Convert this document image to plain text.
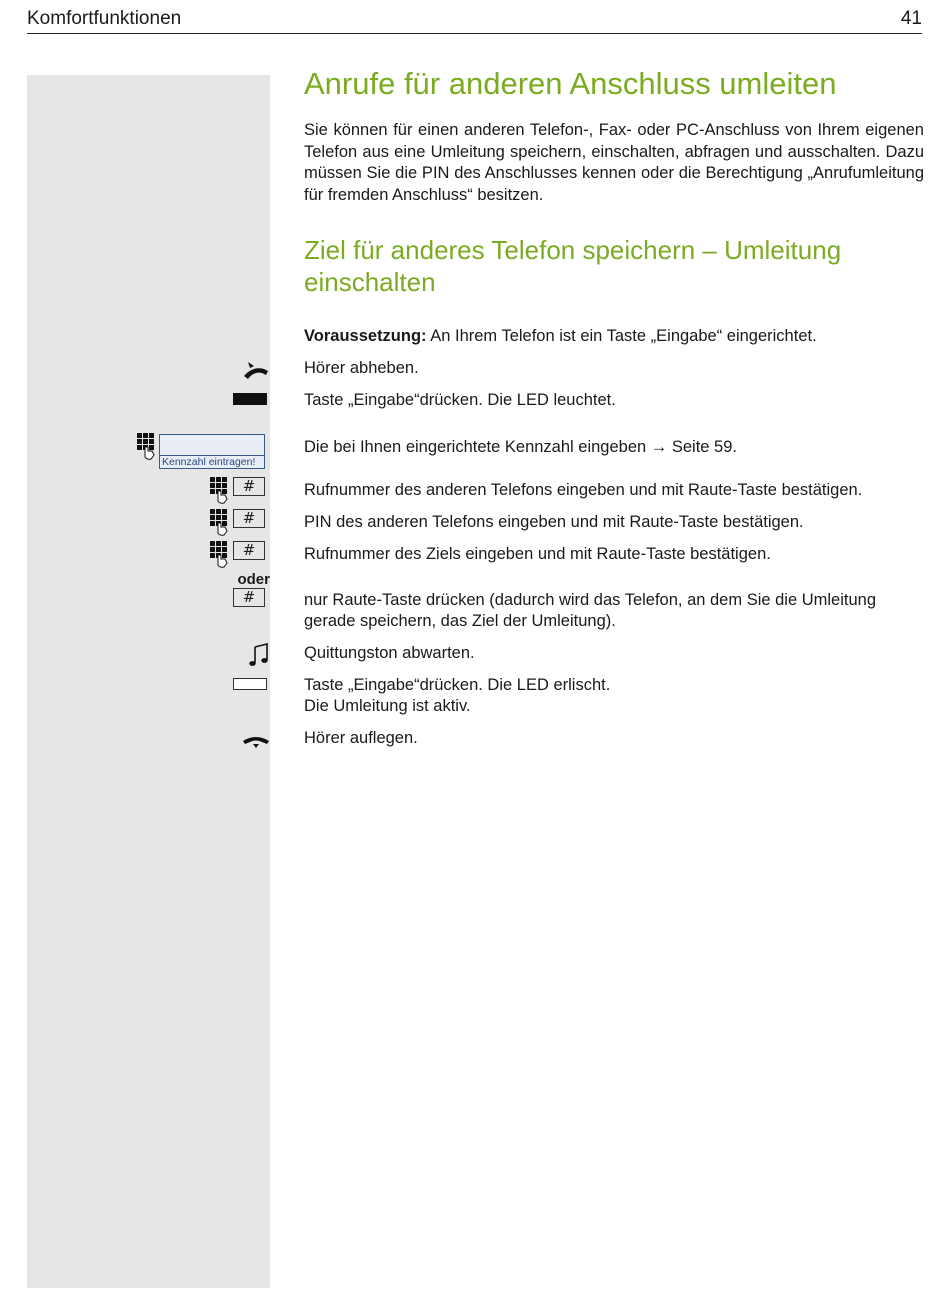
Komfortfunktionen	41
Anrufe für anderen Anschluss umleiten

Sie können für einen anderen Telefon-, Fax- oder PC-Anschluss von Ihrem eigenen Telefon aus eine Umleitung speichern, einschalten, abfragen und ausschalten. Dazu müssen Sie die PIN des Anschlusses kennen oder die Berechtigung „Anrufumleitung für fremden Anschluss“ besitzen.

Ziel für anderes Telefon speichern – Umleitung einschalten

Voraussetzung: An Ihrem Telefon ist ein Taste „Eingabe“ eingerichtet.

Hörer abheben.

Taste „Eingabe“drücken. Die LED leuchtet.

Kennzahl eintragen!

Die bei Ihnen eingerichtete Kennzahl eingeben → Seite 59.

#	Rufnummer des anderen Telefons eingeben und mit Raute-Taste bestätigen.

#	PIN des anderen Telefons eingeben und mit Raute-Taste bestätigen.

#	Rufnummer des Ziels eingeben und mit Raute-Taste bestätigen.

oder
#	nur Raute-Taste drücken (dadurch wird das Telefon, an dem Sie die Umleitung gerade speichern, das Ziel der Umleitung).

Quittungston abwarten.

Taste „Eingabe“drücken. Die LED erlischt.
Die Umleitung ist aktiv.

Hörer auflegen.
